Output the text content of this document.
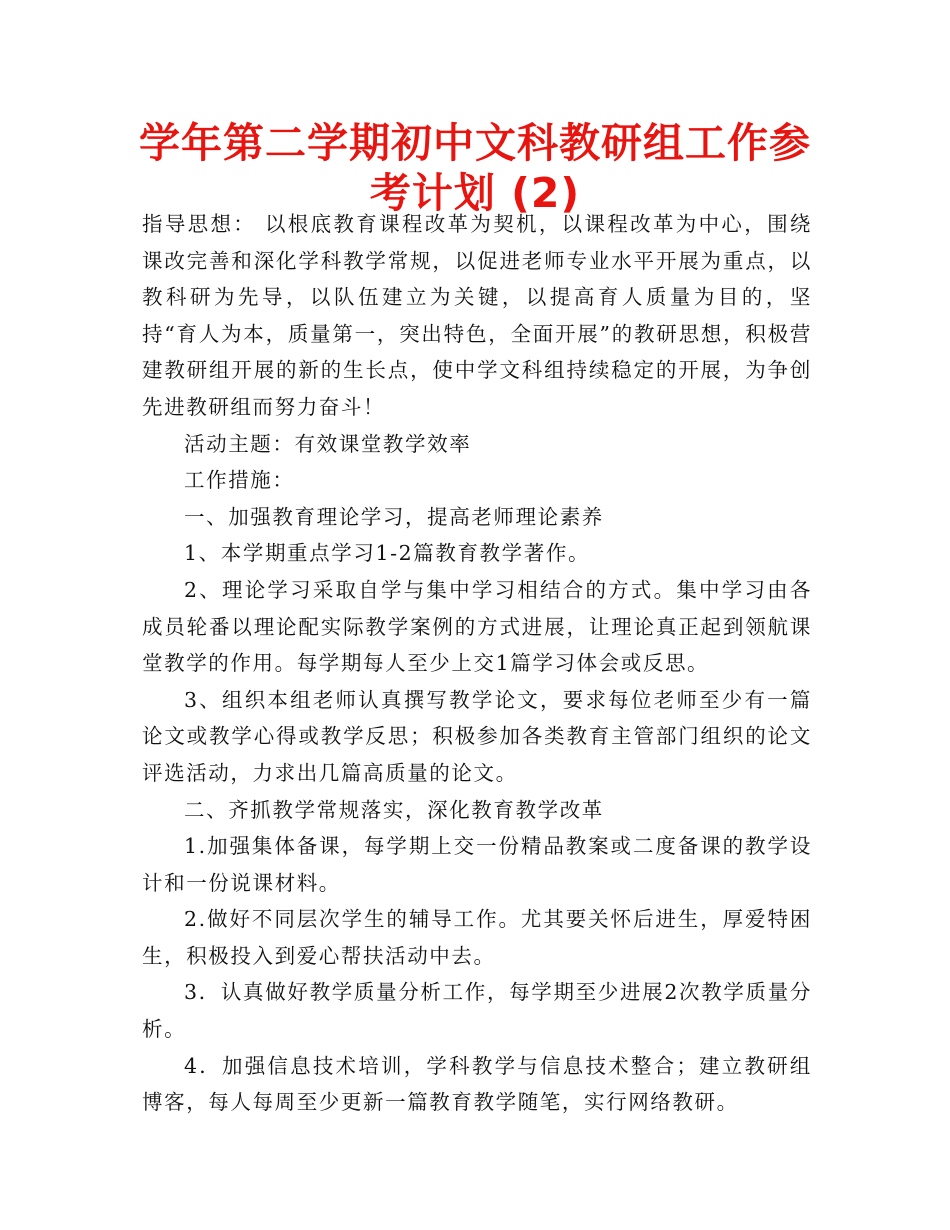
学年第二学期初中文科教研组工作参考计划 (2)

指导思想： 以根底教育课程改革为契机，以课程改革为中心，围绕课改完善和深化学科教学常规，以促进老师专业水平开展为重点，以教科研为先导，以队伍建立为关键，以提高育人质量为目的，坚持“育人为本，质量第一，突出特色，全面开展”的教研思想，积极营建教研组开展的新的生长点，使中学文科组持续稳定的开展，为争创先进教研组而努力奋斗！

活动主题：有效课堂教学效率

工作措施：

一、加强教育理论学习，提高老师理论素养

1、本学期重点学习1-2篇教育教学著作。

2、理论学习采取自学与集中学习相结合的方式。集中学习由各成员轮番以理论配实际教学案例的方式进展，让理论真正起到领航课堂教学的作用。每学期每人至少上交1篇学习体会或反思。

3、组织本组老师认真撰写教学论文，要求每位老师至少有一篇论文或教学心得或教学反思；积极参加各类教育主管部门组织的论文评选活动，力求出几篇高质量的论文。

二、齐抓教学常规落实，深化教育教学改革

1.加强集体备课，每学期上交一份精品教案或二度备课的教学设计和一份说课材料。

2.做好不同层次学生的辅导工作。尤其要关怀后进生，厚爱特困生，积极投入到爱心帮扶活动中去。

3．认真做好教学质量分析工作，每学期至少进展2次教学质量分析。

4．加强信息技术培训，学科教学与信息技术整合；建立教研组博客，每人每周至少更新一篇教育教学随笔，实行网络教研。
